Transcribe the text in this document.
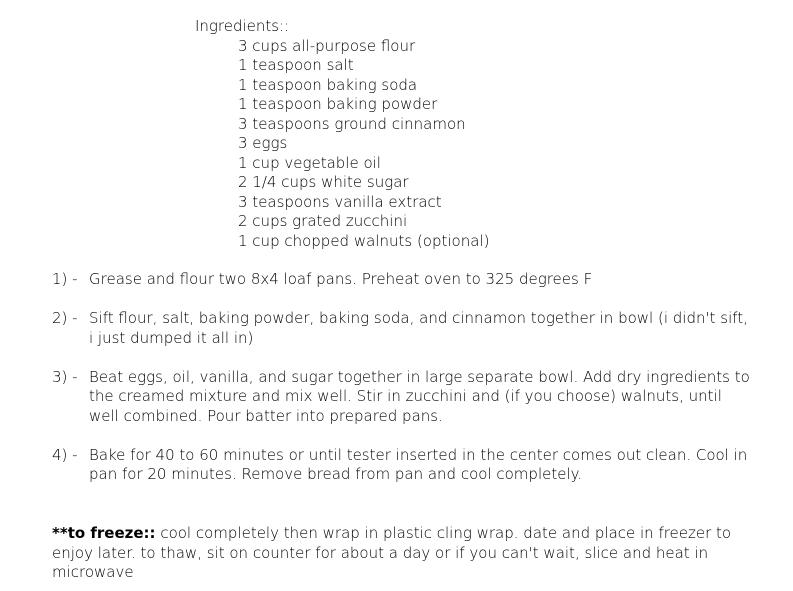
Ingredients::
3 cups all-purpose flour
1 teaspoon salt
1 teaspoon baking soda
1 teaspoon baking powder
3 teaspoons ground cinnamon
3 eggs
1 cup vegetable oil
2 1/4 cups white sugar
3 teaspoons vanilla extract
2 cups grated zucchini
1 cup chopped walnuts (optional)
1) - Grease and flour two 8x4 loaf pans. Preheat oven to 325 degrees F
2) - Sift flour, salt, baking powder, baking soda, and cinnamon together in bowl (i didn't sift, i just dumped it all in)
3) - Beat eggs, oil, vanilla, and sugar together in large separate bowl. Add dry ingredients to the creamed mixture and mix well. Stir in zucchini and (if you choose) walnuts, until well combined. Pour batter into prepared pans.
4) - Bake for 40 to 60 minutes or until tester inserted in the center comes out clean. Cool in pan for 20 minutes. Remove bread from pan and cool completely.

**to freeze:: cool completely then wrap in plastic cling wrap. date and place in freezer to enjoy later. to thaw, sit on counter for about a day or if you can't wait, slice and heat in microwave
